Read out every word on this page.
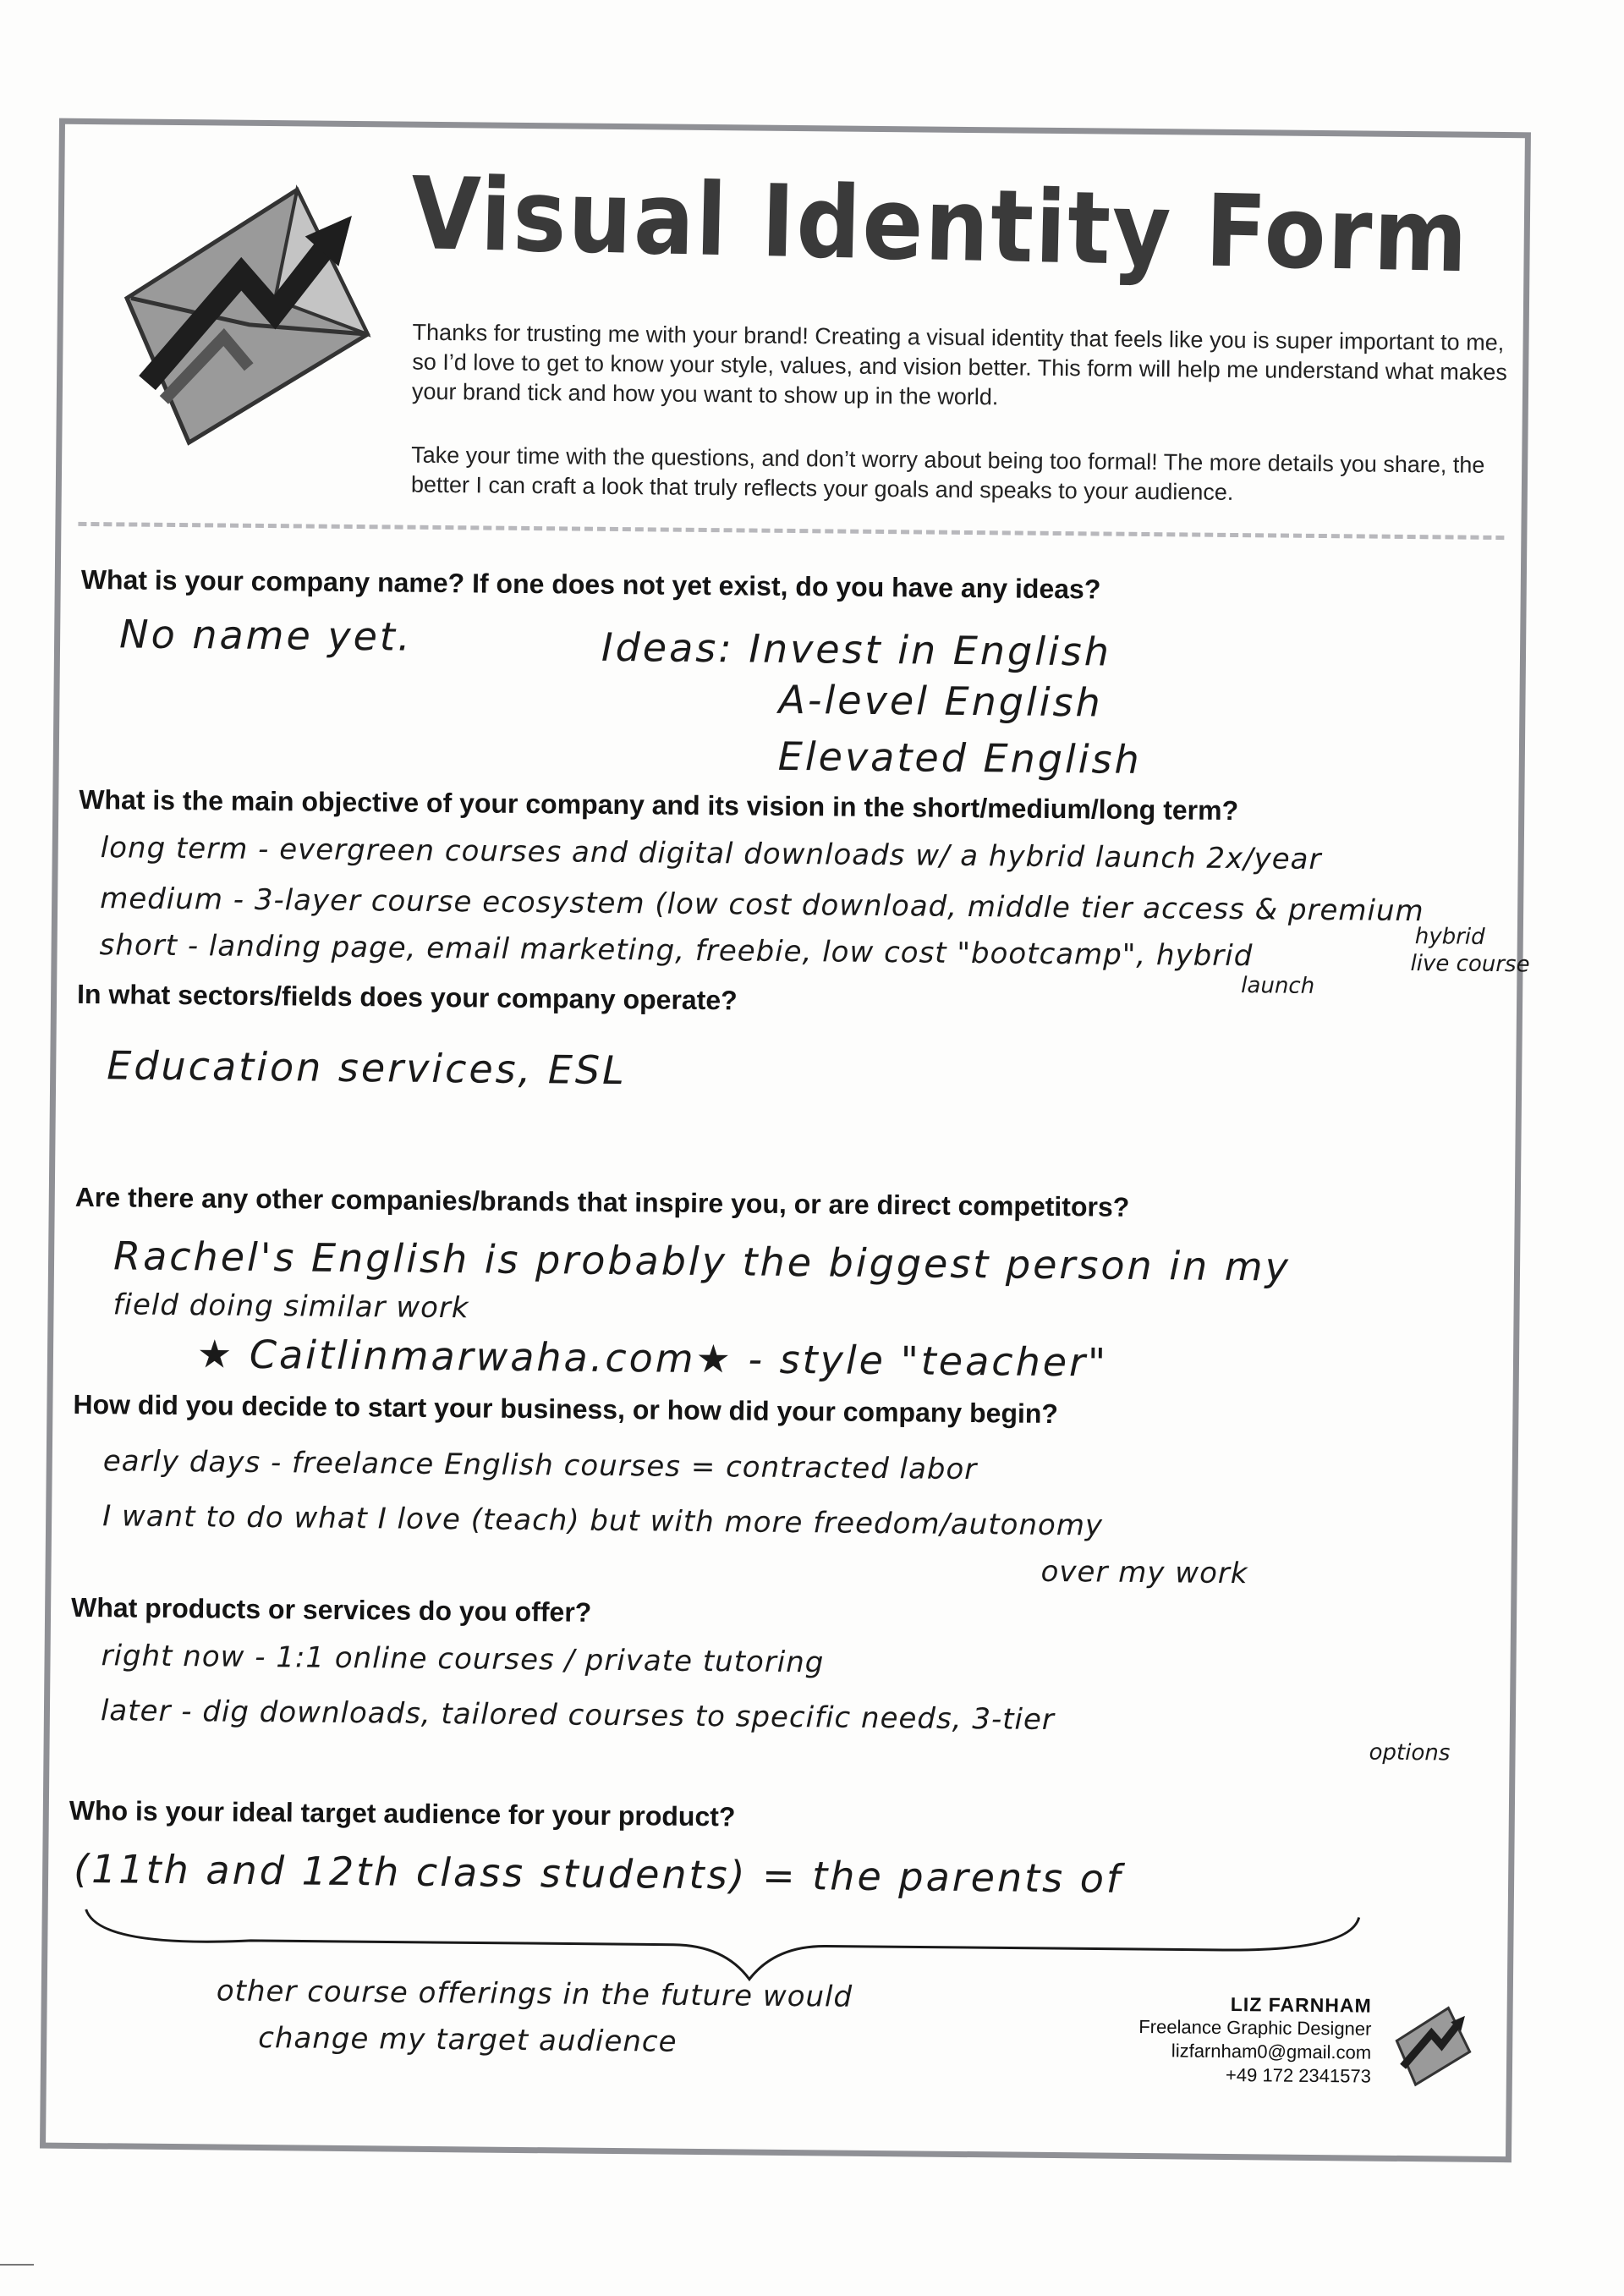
Visual Identity Form

Thanks for trusting me with your brand! Creating a visual identity that feels like you is super important to me, so I’d love to get to know your style, values, and vision better. This form will help me understand what makes your brand tick and how you want to show up in the world.

Take your time with the questions, and don’t worry about being too formal! The more details you share, the better I can craft a look that truly reflects your goals and speaks to your audience.

What is your company name? If one does not yet exist, do you have any ideas?

No name yet.	Ideas: Invest in English
A-level English
Elevated English

What is the main objective of your company and its vision in the short/medium/long term?

long term - evergreen courses and digital downloads w/ a hybrid launch 2x/year
medium - 3-layer course ecosystem (low cost download, middle tier access & premium
hybrid
short - landing page, email marketing, freebie, low cost "bootcamp", hybrid	live course
launch

In what sectors/fields does your company operate?

Education services, ESL

Are there any other companies/brands that inspire you, or are direct competitors?

Rachel's English is probably the biggest person in my
field doing similar work
★ Caitlinmarwaha.com★ - style "teacher"

How did you decide to start your business, or how did your company begin?

early days - freelance English courses = contracted labor
I want to do what I love (teach) but with more freedom/autonomy
over my work

What products or services do you offer?

right now - 1:1 online courses / private tutoring
later - dig downloads, tailored courses to specific needs, 3-tier
options

Who is your ideal target audience for your product?

(11th and 12th class students) = the parents of
other course offerings in the future would
change my target audience
LIZ FARNHAM
Freelance Graphic Designer
lizfarnham0@gmail.com
+49 172 2341573
